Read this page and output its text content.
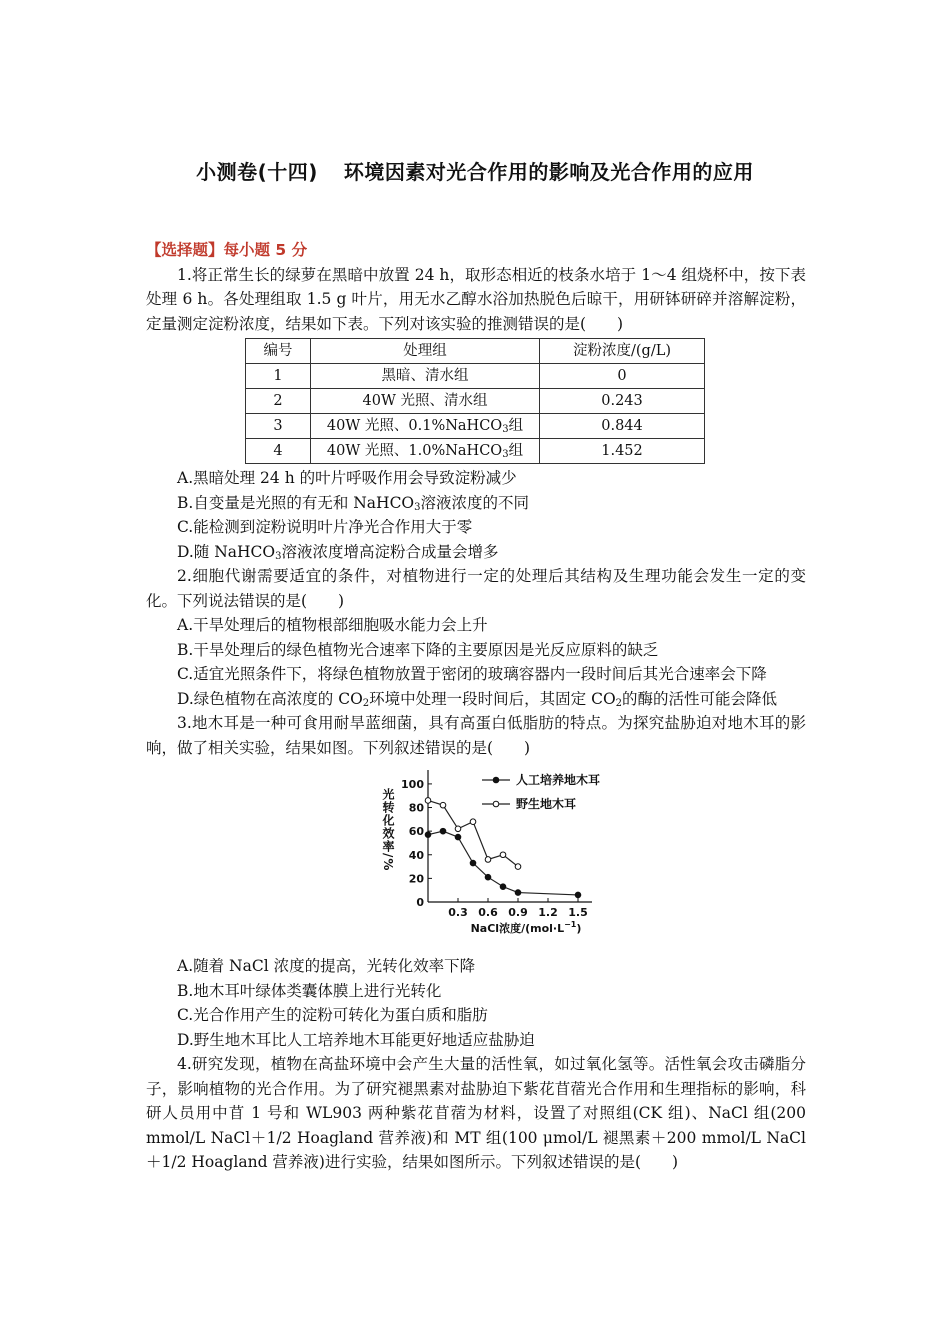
小测卷(十四) 环境因素对光合作用的影响及光合作用的应用

【选择题】每小题 5 分

1.将正常生长的绿萝在黑暗中放置 24 h，取形态相近的枝条水培于 1～4 组烧杯中，按下表处理 6 h。各处理组取 1.5 g 叶片，用无水乙醇水浴加热脱色后晾干，用研钵研碎并溶解淀粉，定量测定淀粉浓度，结果如下表。下列对该实验的推测错误的是(　　)

编号	处理组	淀粉浓度/(g/L)
1	黑暗、清水组	0
2	40W 光照、清水组	0.243
3	40W 光照、0.1%NaHCO$_3$组	0.844
4	40W 光照、1.0%NaHCO$_3$组	1.452

A.黑暗处理 24 h 的叶片呼吸作用会导致淀粉减少

B.自变量是光照的有无和 NaHCO$_3$溶液浓度的不同

C.能检测到淀粉说明叶片净光合作用大于零

D.随 NaHCO$_3$溶液浓度增高淀粉合成量会增多

2.细胞代谢需要适宜的条件，对植物进行一定的处理后其结构及生理功能会发生一定的变化。下列说法错误的是(　　)

A.干旱处理后的植物根部细胞吸水能力会上升

B.干旱处理后的绿色植物光合速率下降的主要原因是光反应原料的缺乏

C.适宜光照条件下，将绿色植物放置于密闭的玻璃容器内一段时间后其光合速率会下降

D.绿色植物在高浓度的 $CO_2$环境中处理一段时间后，其固定 $CO_2$的酶的活性可能会降低

3.地木耳是一种可食用耐旱蓝细菌，具有高蛋白低脂肪的特点。为探究盐胁迫对地木耳的影响，做了相关实验，结果如图。下列叙述错误的是(　　)

20
40
60
80
100
0
0.3 0.6 0.9 1.2 1.5
NaCl浓度$/(mol\cdot L^{-1})$
光转化效率/%
人工培养地木耳
野生地木耳

A.随着 NaCl 浓度的提高，光转化效率下降

B.地木耳叶绿体类囊体膜上进行光转化

C.光合作用产生的淀粉可转化为蛋白质和脂肪

D.野生地木耳比人工培养地木耳能更好地适应盐胁迫

4.研究发现，植物在高盐环境中会产生大量的活性氧，如过氧化氢等。活性氧会攻击磷脂分子，影响植物的光合作用。为了研究褪黑素对盐胁迫下紫花苜蓿光合作用和生理指标的影响，科研人员用中苜 1 号和 WL903 两种紫花苜蓿为材料，设置了对照组(CK 组)、NaCl 组(200 mmol/L NaCl＋1/2 Hoagland 营养液)和 MT 组(100 μmol/L 褪黑素＋200 mmol/L NaCl＋1/2 Hoagland 营养液)进行实验，结果如图所示。下列叙述错误的是(　　)
